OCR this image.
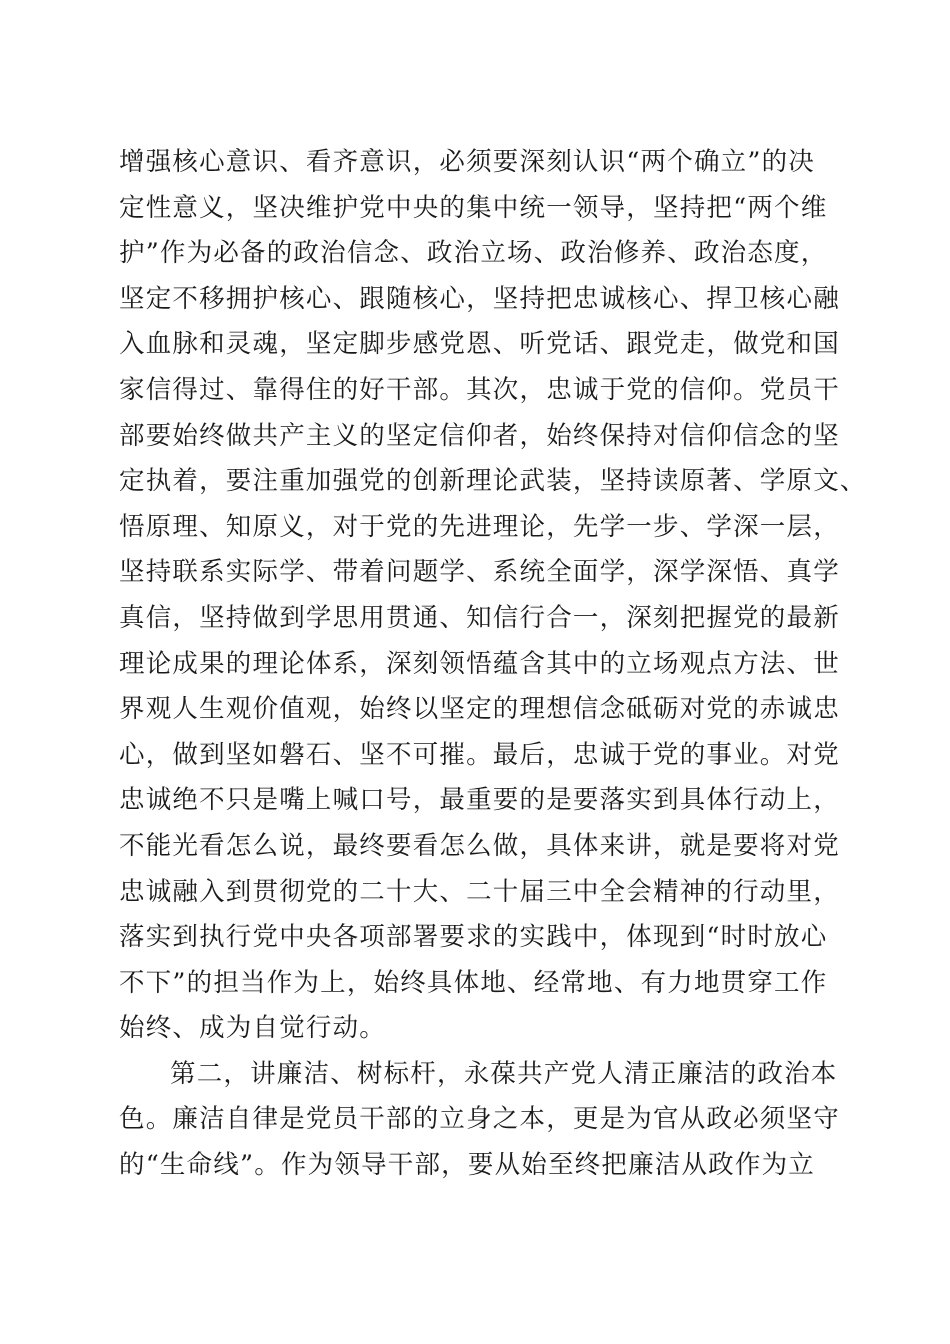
增强核心意识、看齐意识，必须要深刻认识“两个确立”的决
定性意义，坚决维护党中央的集中统一领导，坚持把“两个维
护”作为必备的政治信念、政治立场、政治修养、政治态度，
坚定不移拥护核心、跟随核心，坚持把忠诚核心、捍卫核心融
入血脉和灵魂，坚定脚步感党恩、听党话、跟党走，做党和国
家信得过、靠得住的好干部。其次，忠诚于党的信仰。党员干
部要始终做共产主义的坚定信仰者，始终保持对信仰信念的坚
定执着，要注重加强党的创新理论武装，坚持读原著、学原文、
悟原理、知原义，对于党的先进理论，先学一步、学深一层，
坚持联系实际学、带着问题学、系统全面学，深学深悟、真学
真信，坚持做到学思用贯通、知信行合一，深刻把握党的最新
理论成果的理论体系，深刻领悟蕴含其中的立场观点方法、世
界观人生观价值观，始终以坚定的理想信念砥砺对党的赤诚忠
心，做到坚如磐石、坚不可摧。最后，忠诚于党的事业。对党
忠诚绝不只是嘴上喊口号，最重要的是要落实到具体行动上，
不能光看怎么说，最终要看怎么做，具体来讲，就是要将对党
忠诚融入到贯彻党的二十大、二十届三中全会精神的行动里，
落实到执行党中央各项部署要求的实践中，体现到“时时放心
不下”的担当作为上，始终具体地、经常地、有力地贯穿工作
始终、成为自觉行动。
第二，讲廉洁、树标杆，永葆共产党人清正廉洁的政治本
色。廉洁自律是党员干部的立身之本，更是为官从政必须坚守
的“生命线”。作为领导干部，要从始至终把廉洁从政作为立
